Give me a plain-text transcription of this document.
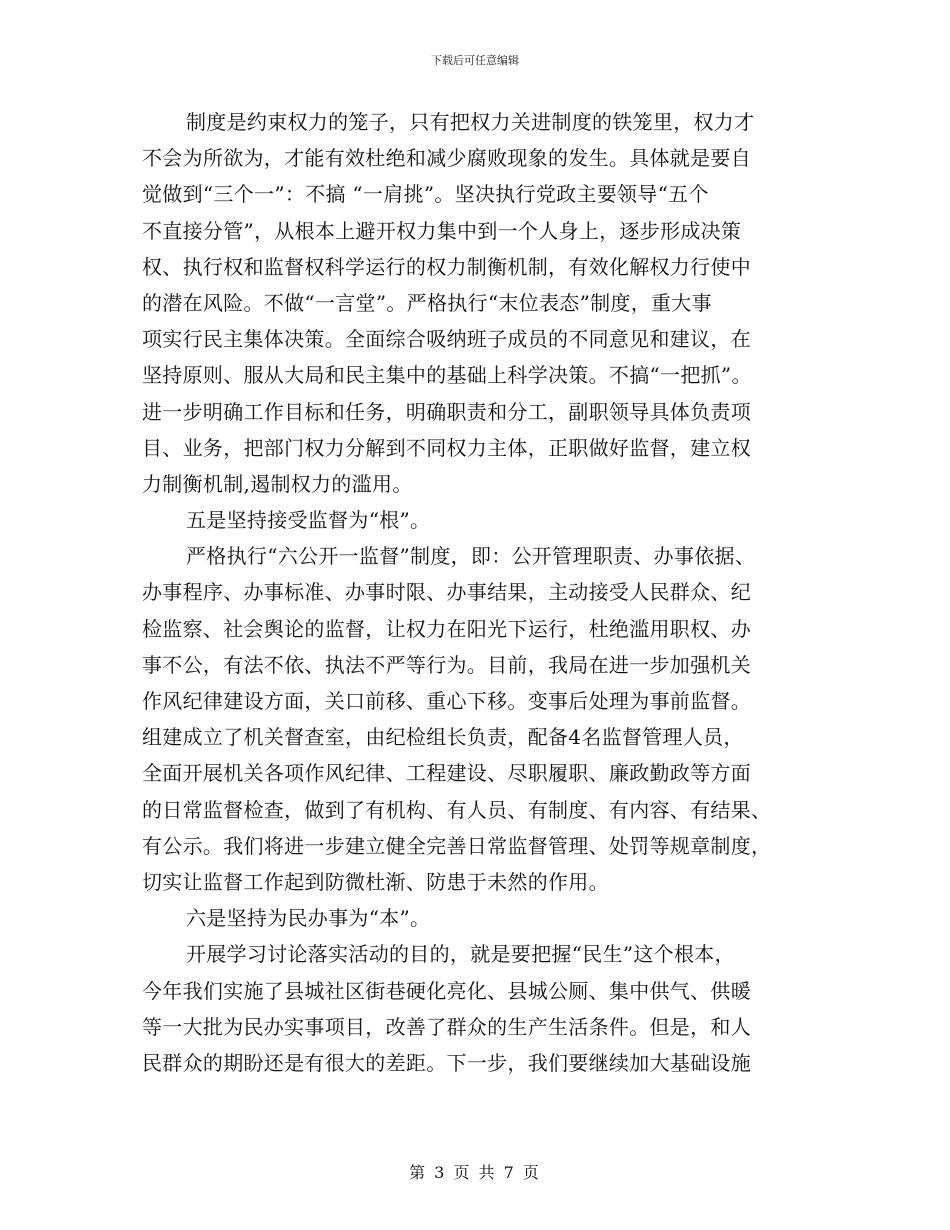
下载后可任意编辑
制度是约束权力的笼子，只有把权力关进制度的铁笼里，权力才
不会为所欲为，才能有效杜绝和减少腐败现象的发生。具体就是要自
觉做到“三个一”：不搞 “一肩挑”。坚决执行党政主要领导“五个
不直接分管”，从根本上避开权力集中到一个人身上，逐步形成决策
权、执行权和监督权科学运行的权力制衡机制，有效化解权力行使中
的潜在风险。不做“一言堂”。严格执行“末位表态”制度，重大事
项实行民主集体决策。全面综合吸纳班子成员的不同意见和建议，在
坚持原则、服从大局和民主集中的基础上科学决策。不搞“一把抓”。
进一步明确工作目标和任务，明确职责和分工，副职领导具体负责项
目、业务，把部门权力分解到不同权力主体，正职做好监督，建立权
力制衡机制,遏制权力的滥用。
五是坚持接受监督为“根”。
严格执行“六公开一监督”制度，即：公开管理职责、办事依据、
办事程序、办事标准、办事时限、办事结果，主动接受人民群众、纪
检监察、社会舆论的监督，让权力在阳光下运行，杜绝滥用职权、办
事不公，有法不依、执法不严等行为。目前，我局在进一步加强机关
作风纪律建设方面，关口前移、重心下移。变事后处理为事前监督。
组建成立了机关督查室，由纪检组长负责，配备4名监督管理人员，
全面开展机关各项作风纪律、工程建设、尽职履职、廉政勤政等方面
的日常监督检查，做到了有机构、有人员、有制度、有内容、有结果、
有公示。我们将进一步建立健全完善日常监督管理、处罚等规章制度，
切实让监督工作起到防微杜渐、防患于未然的作用。
六是坚持为民办事为“本”。
开展学习讨论落实活动的目的，就是要把握“民生”这个根本，
今年我们实施了县城社区街巷硬化亮化、县城公厕、集中供气、供暖
等一大批为民办实事项目，改善了群众的生产生活条件。但是，和人
民群众的期盼还是有很大的差距。下一步，我们要继续加大基础设施
第 3 页 共 7 页
